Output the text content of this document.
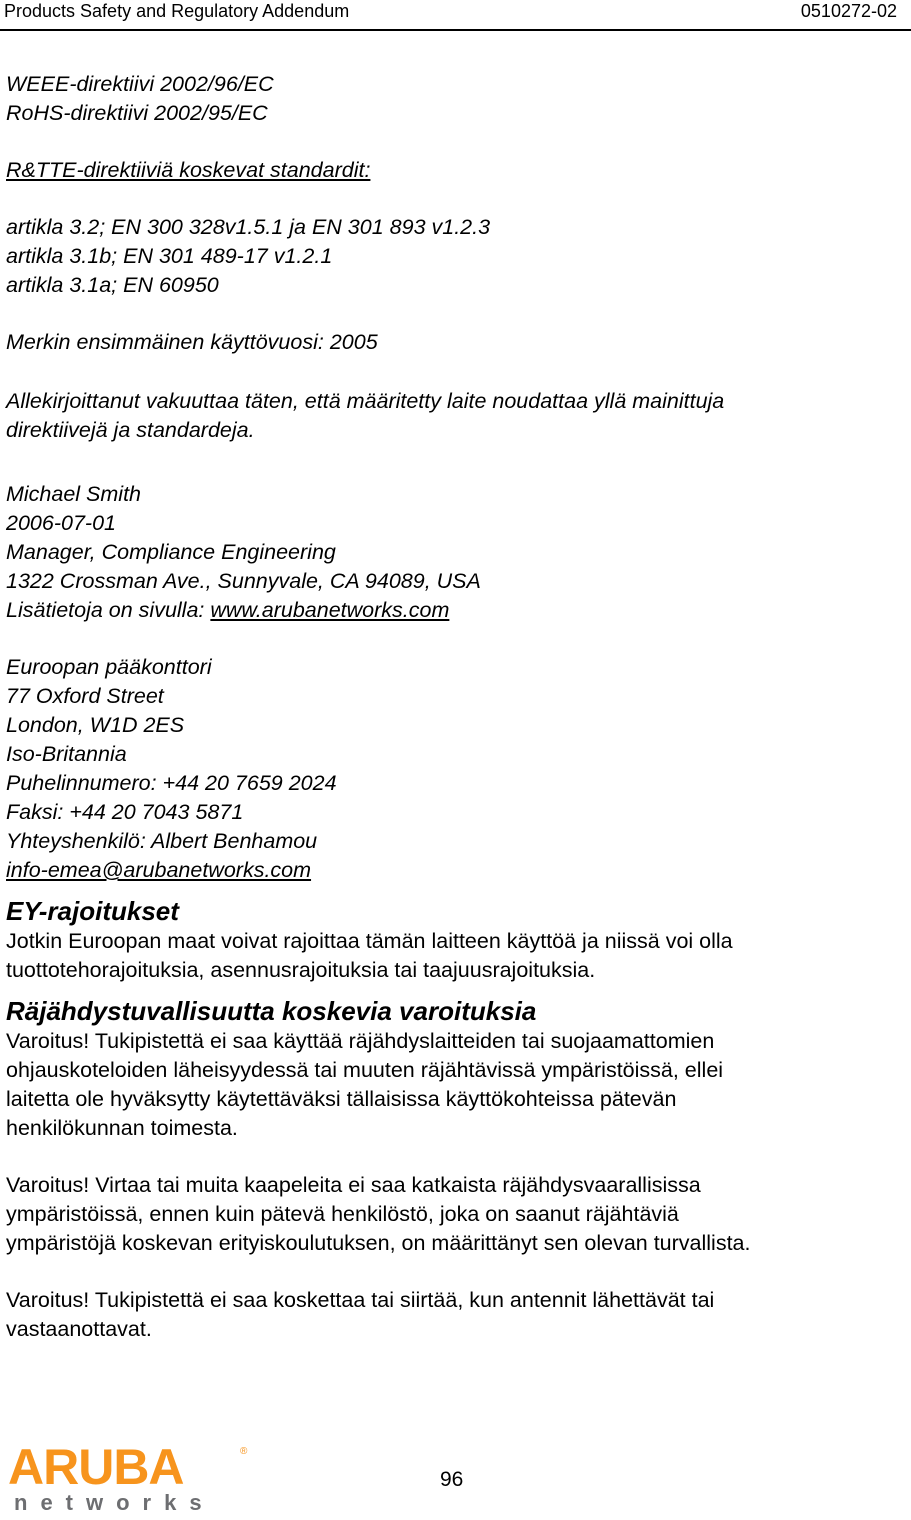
Products Safety and Regulatory Addendum	0510272-02
WEEE-direktiivi 2002/96/EC
RoHS-direktiivi 2002/95/EC
R&TTE-direktiiviä koskevat standardit:
artikla 3.2; EN 300 328v1.5.1 ja EN 301 893 v1.2.3
artikla 3.1b; EN 301 489-17 v1.2.1
artikla 3.1a; EN 60950
Merkin ensimmäinen käyttövuosi: 2005
Allekirjoittanut vakuuttaa täten, että määritetty laite noudattaa yllä mainittuja
direktiivejä ja standardeja.
Michael Smith
2006-07-01
Manager, Compliance Engineering
1322 Crossman Ave., Sunnyvale, CA 94089, USA
Lisätietoja on sivulla: www.arubanetworks.com
Euroopan pääkonttori
77 Oxford Street
London, W1D 2ES
Iso-Britannia
Puhelinnumero: +44 20 7659 2024
Faksi: +44 20 7043 5871
Yhteyshenkilö: Albert Benhamou
info-emea@arubanetworks.com
EY-rajoitukset
Jotkin Euroopan maat voivat rajoittaa tämän laitteen käyttöä ja niissä voi olla
tuottotehorajoituksia, asennusrajoituksia tai taajuusrajoituksia.
Räjähdystuvallisuutta koskevia varoituksia
Varoitus! Tukipistettä ei saa käyttää räjähdyslaitteiden tai suojaamattomien
ohjauskoteloiden läheisyydessä tai muuten räjähtävissä ympäristöissä, ellei
laitetta ole hyväksytty käytettäväksi tällaisissa käyttökohteissa pätevän
henkilökunnan toimesta.
Varoitus! Virtaa tai muita kaapeleita ei saa katkaista räjähdysvaarallisissa
ympäristöissä, ennen kuin pätevä henkilöstö, joka on saanut räjähtäviä
ympäristöjä koskevan erityiskoulutuksen, on määrittänyt sen olevan turvallista.
Varoitus! Tukipistettä ei saa koskettaa tai siirtää, kun antennit lähettävät tai
vastaanottavat.
ARUBA	®
networks
96
